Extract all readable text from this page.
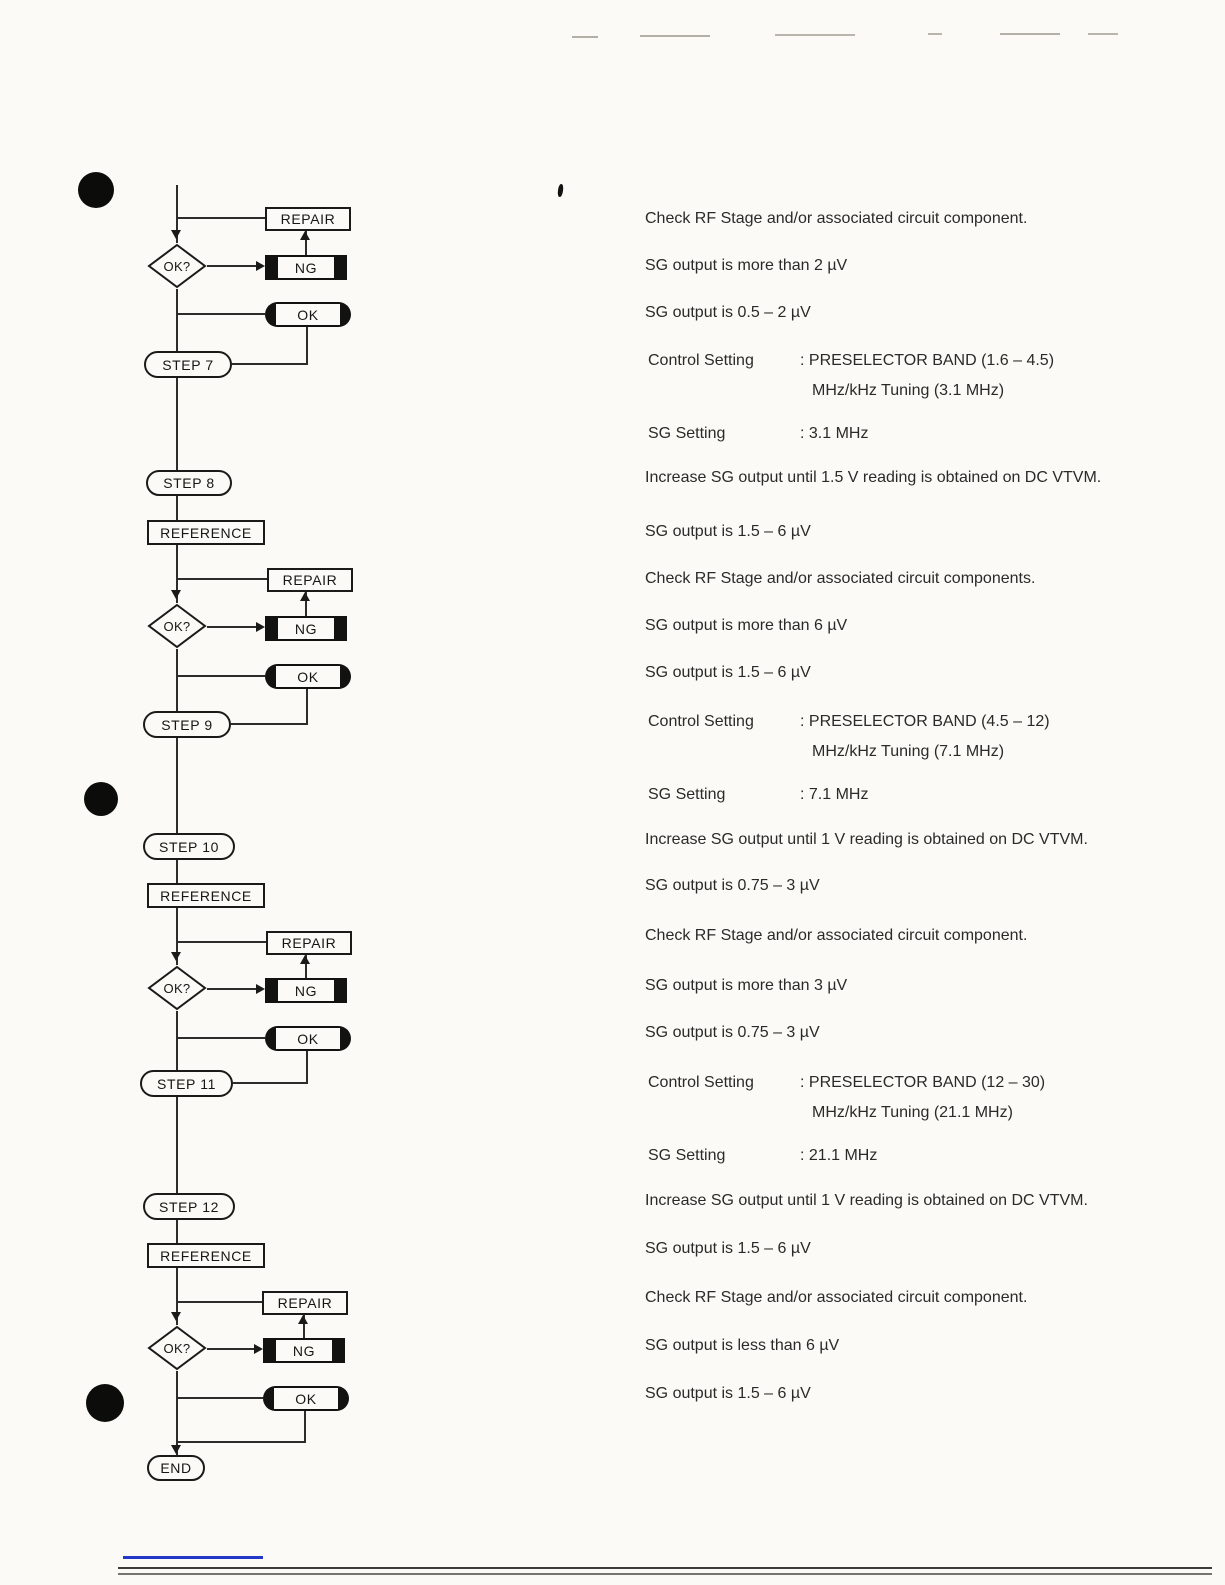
REPAIR
NG
OK?
OK
STEP 7
STEP 8
REFERENCE
REPAIR
NG
OK?
OK
STEP 9
STEP 10
REFERENCE
REPAIR
NG
OK?
OK
STEP 11
STEP 12
REFERENCE
REPAIR
NG
OK?
OK
END
Check RF Stage and/or associated circuit component.
SG output is more than 2 µV
SG output is 0.5 – 2 µV
Control Setting	: PRESELECTOR BAND (1.6 – 4.5)
MHz/kHz Tuning (3.1 MHz)
SG Setting	: 3.1 MHz
Increase SG output until 1.5 V reading is obtained on DC VTVM.
SG output is 1.5 – 6 µV
Check RF Stage and/or associated circuit components.
SG output is more than 6 µV
SG output is 1.5 – 6 µV
Control Setting	: PRESELECTOR BAND (4.5 – 12)
MHz/kHz Tuning (7.1 MHz)
SG Setting	: 7.1 MHz
Increase SG output until 1 V reading is obtained on DC VTVM.
SG output is 0.75 – 3 µV
Check RF Stage and/or associated circuit component.
SG output is more than 3 µV
SG output is 0.75 – 3 µV
Control Setting	: PRESELECTOR BAND (12 – 30)
MHz/kHz Tuning (21.1 MHz)
SG Setting	: 21.1 MHz
Increase SG output until 1 V reading is obtained on DC VTVM.
SG output is 1.5 – 6 µV
Check RF Stage and/or associated circuit component.
SG output is less than 6 µV
SG output is 1.5 – 6 µV
